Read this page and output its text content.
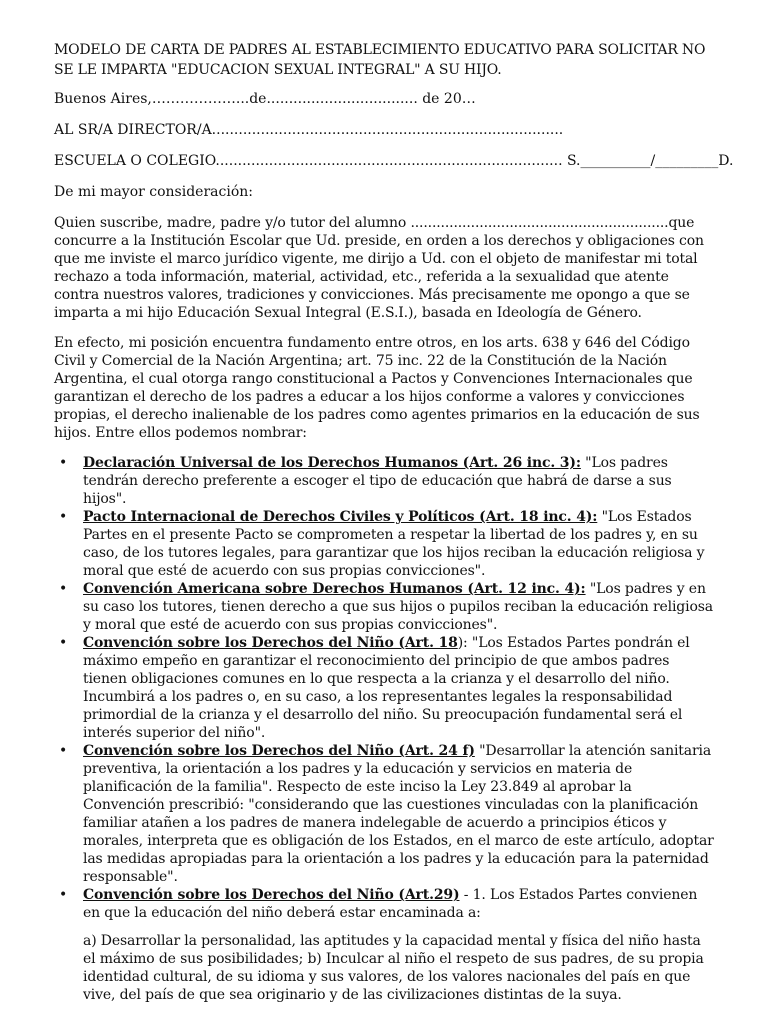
MODELO DE CARTA DE PADRES AL ESTABLECIMIENTO EDUCATIVO PARA SOLICITAR NO SE LE IMPARTA "EDUCACION SEXUAL INTEGRAL" A SU HIJO.
Buenos Aires,………………...de.................................. de 20…
AL SR/A DIRECTOR/A...............................................................................
ESCUELA O COLEGIO.............................................................................. S.__________/_________D.
De mi mayor consideración:
Quien suscribe, madre, padre y/o tutor del alumno ............................................................que concurre a la Institución Escolar que Ud. preside, en orden a los derechos y obligaciones con que me inviste el marco jurídico vigente, me dirijo a Ud. con el objeto de manifestar mi total rechazo a toda información, material, actividad, etc., referida a la sexualidad que atente contra nuestros valores, tradiciones y convicciones. Más precisamente me opongo a que se imparta a mi hijo Educación Sexual Integral (E.S.I.), basada en Ideología de Género.
En efecto, mi posición encuentra fundamento entre otros, en los arts. 638 y 646 del Código Civil y Comercial de la Nación Argentina; art. 75 inc. 22 de la Constitución de la Nación Argentina, el cual otorga rango constitucional a Pactos y Convenciones Internacionales que garantizan el derecho de los padres a educar a los hijos conforme a valores y convicciones propias, el derecho inalienable de los padres como agentes primarios en la educación de sus hijos. Entre ellos podemos nombrar:
• Declaración Universal de los Derechos Humanos (Art. 26 inc. 3): "Los padres tendrán derecho preferente a escoger el tipo de educación que habrá de darse a sus hijos".
• Pacto Internacional de Derechos Civiles y Políticos (Art. 18 inc. 4): "Los Estados Partes en el presente Pacto se comprometen a respetar la libertad de los padres y, en su caso, de los tutores legales, para garantizar que los hijos reciban la educación religiosa y moral que esté de acuerdo con sus propias convicciones".
• Convención Americana sobre Derechos Humanos (Art. 12 inc. 4): "Los padres y en su caso los tutores, tienen derecho a que sus hijos o pupilos reciban la educación religiosa y moral que esté de acuerdo con sus propias convicciones".
• Convención sobre los Derechos del Niño (Art. 18): "Los Estados Partes pondrán el máximo empeño en garantizar el reconocimiento del principio de que ambos padres tienen obligaciones comunes en lo que respecta a la crianza y el desarrollo del niño. Incumbirá a los padres o, en su caso, a los representantes legales la responsabilidad primordial de la crianza y el desarrollo del niño. Su preocupación fundamental será el interés superior del niño".
• Convención sobre los Derechos del Niño (Art. 24 f) "Desarrollar la atención sanitaria preventiva, la orientación a los padres y la educación y servicios en materia de planificación de la familia". Respecto de este inciso la Ley 23.849 al aprobar la Convención prescribió: "considerando que las cuestiones vinculadas con la planificación familiar atañen a los padres de manera indelegable de acuerdo a principios éticos y morales, interpreta que es obligación de los Estados, en el marco de este artículo, adoptar las medidas apropiadas para la orientación a los padres y la educación para la paternidad responsable".
• Convención sobre los Derechos del Niño (Art.29) - 1. Los Estados Partes convienen en que la educación del niño deberá estar encaminada a:
a) Desarrollar la personalidad, las aptitudes y la capacidad mental y física del niño hasta el máximo de sus posibilidades; b) Inculcar al niño el respeto de sus padres, de su propia identidad cultural, de su idioma y sus valores, de los valores nacionales del país en que vive, del país de que sea originario y de las civilizaciones distintas de la suya.
